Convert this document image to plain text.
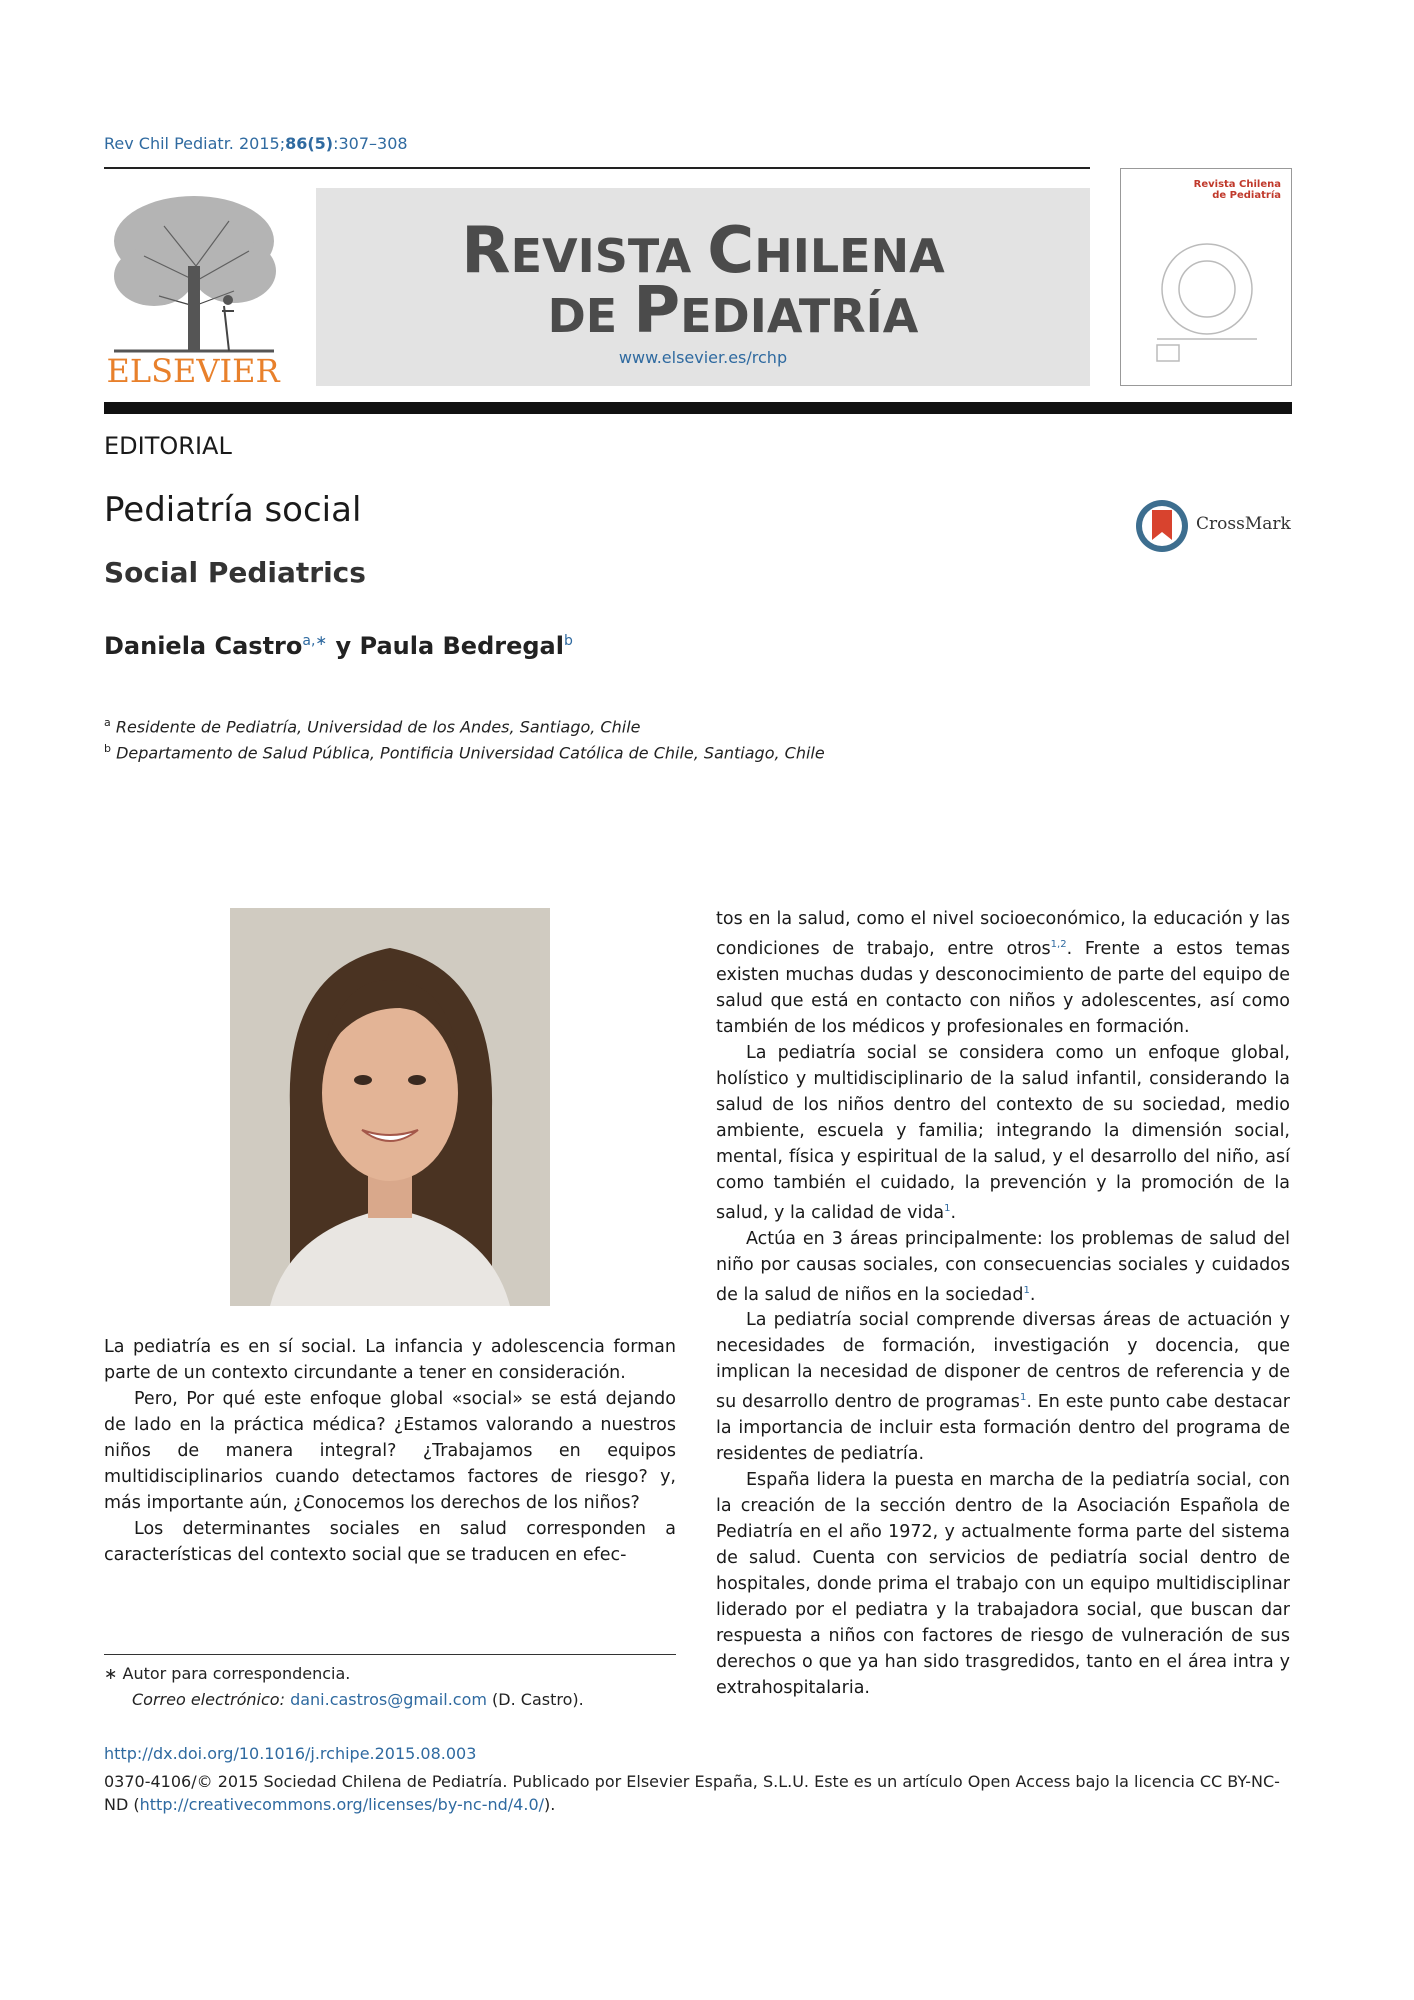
Rev Chil Pediatr. 2015;86(5):307–308
ELSEVIER
REVISTA CHILENA
DE PEDIATRÍA
www.elsevier.es/rchp
Revista Chilena
de Pediatría
EDITORIAL
Pediatría social
Social Pediatrics
CrossMark
Daniela Castro$^{a,∗}$ y Paula Bedregal$^b$
$^a$ Residente de Pediatría, Universidad de los Andes, Santiago, Chile
$^b$ Departamento de Salud Pública, Pontificia Universidad Católica de Chile, Santiago, Chile

La pediatría es en sí social. La infancia y adolescencia forman parte de un contexto circundante a tener en consideración.

Pero, Por qué este enfoque global «social» se está dejando de lado en la práctica médica? ¿Estamos valorando a nuestros niños de manera integral? ¿Trabajamos en equipos multidisciplinarios cuando detectamos factores de riesgo? y, más importante aún, ¿Conocemos los derechos de los niños?

Los determinantes sociales en salud corresponden a características del contexto social que se traducen en efec-

tos en la salud, como el nivel socioeconómico, la educación y las condiciones de trabajo, entre otros$^{1,2}$. Frente a estos temas existen muchas dudas y desconocimiento de parte del equipo de salud que está en contacto con niños y adolescentes, así como también de los médicos y profesionales en formación.

La pediatría social se considera como un enfoque global, holístico y multidisciplinario de la salud infantil, considerando la salud de los niños dentro del contexto de su sociedad, medio ambiente, escuela y familia; integrando la dimensión social, mental, física y espiritual de la salud, y el desarrollo del niño, así como también el cuidado, la prevención y la promoción de la salud, y la calidad de vida$^1$.

Actúa en 3 áreas principalmente: los problemas de salud del niño por causas sociales, con consecuencias sociales y cuidados de la salud de niños en la sociedad$^1$.

La pediatría social comprende diversas áreas de actuación y necesidades de formación, investigación y docencia, que implican la necesidad de disponer de centros de referencia y de su desarrollo dentro de programas$^1$. En este punto cabe destacar la importancia de incluir esta formación dentro del programa de residentes de pediatría.

España lidera la puesta en marcha de la pediatría social, con la creación de la sección dentro de la Asociación Española de Pediatría en el año 1972, y actualmente forma parte del sistema de salud. Cuenta con servicios de pediatría social dentro de hospitales, donde prima el trabajo con un equipo multidisciplinar liderado por el pediatra y la trabajadora social, que buscan dar respuesta a niños con factores de riesgo de vulneración de sus derechos o que ya han sido trasgredidos, tanto en el área intra y extrahospitalaria.

∗ Autor para correspondencia.
Correo electrónico: dani.castros@gmail.com (D. Castro).
http://dx.doi.org/10.1016/j.rchipe.2015.08.003
0370-4106/© 2015 Sociedad Chilena de Pediatría. Publicado por Elsevier España, S.L.U. Este es un artículo Open Access bajo la licencia CC BY-NC-ND (http://creativecommons.org/licenses/by-nc-nd/4.0/).
